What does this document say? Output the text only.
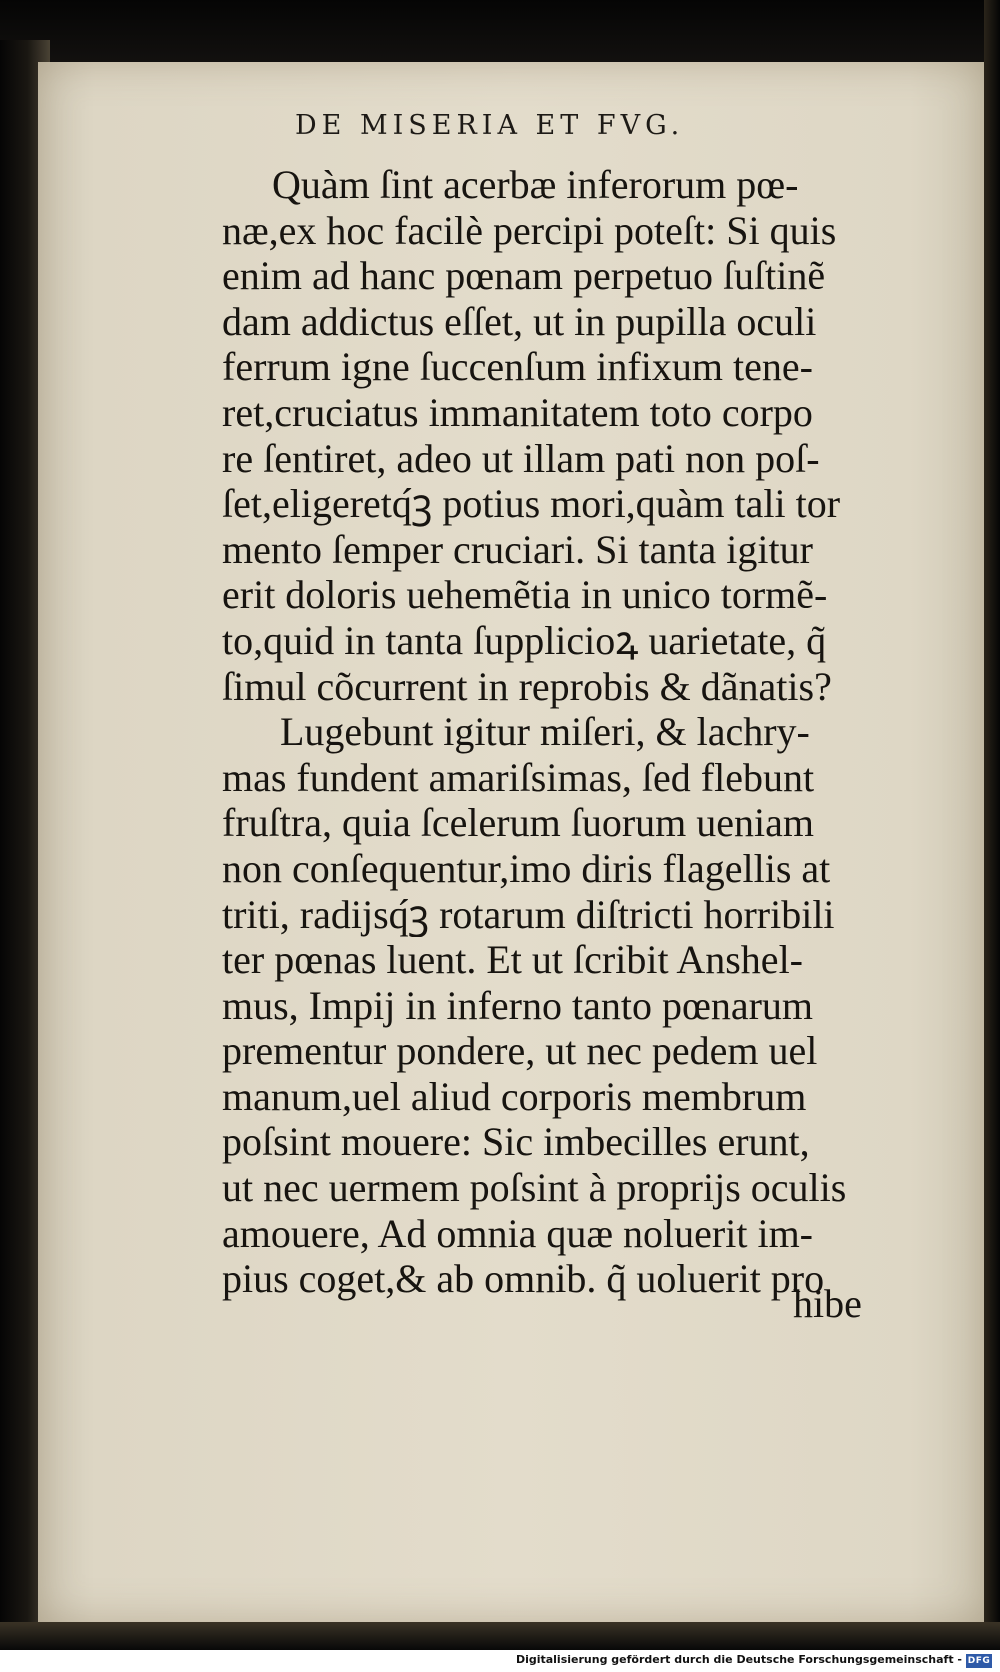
DE MISERIA ET FVG.
Quàm ſint acerbæ inferorum pœ-
næ,ex hoc facilè percipi poteſt: Si quis
enim ad hanc pœnam perpetuo ſuſtinẽ
dam addictus eſſet, ut in pupilla oculi
ferrum igne ſuccenſum infixum tene-
ret,cruciatus immanitatem toto corpo
re ſentiret, adeo ut illam pati non poſ-
ſet,eligeretq́ꝫ potius mori,quàm tali tor
mento ſemper cruciari. Si tanta igitur
erit doloris uehemẽtia in unico tormẽ-
to,quid in tanta ſupplicioꝝ uarietate, q̃
ſimul cõcurrent in reprobis & dãnatis?
Lugebunt igitur miſeri, & lachry-
mas fundent amariſsimas, ſed flebunt
fruſtra, quia ſcelerum ſuorum ueniam
non conſequentur,imo diris flagellis at
triti, radijsq́ꝫ rotarum diſtricti horribili
ter pœnas luent. Et ut ſcribit Anshel-
mus, Impij in inferno tanto pœnarum
prementur pondere, ut nec pedem uel
manum,uel aliud corporis membrum
poſsint mouere: Sic imbecilles erunt,
ut nec uermem poſsint à proprijs oculis
amouere, Ad omnia quæ noluerit im-
pius coget,& ab omnib. q̃ uoluerit pro
hibe
Digitalisierung gefördert durch die Deutsche Forschungsgemeinschaft - DFG
